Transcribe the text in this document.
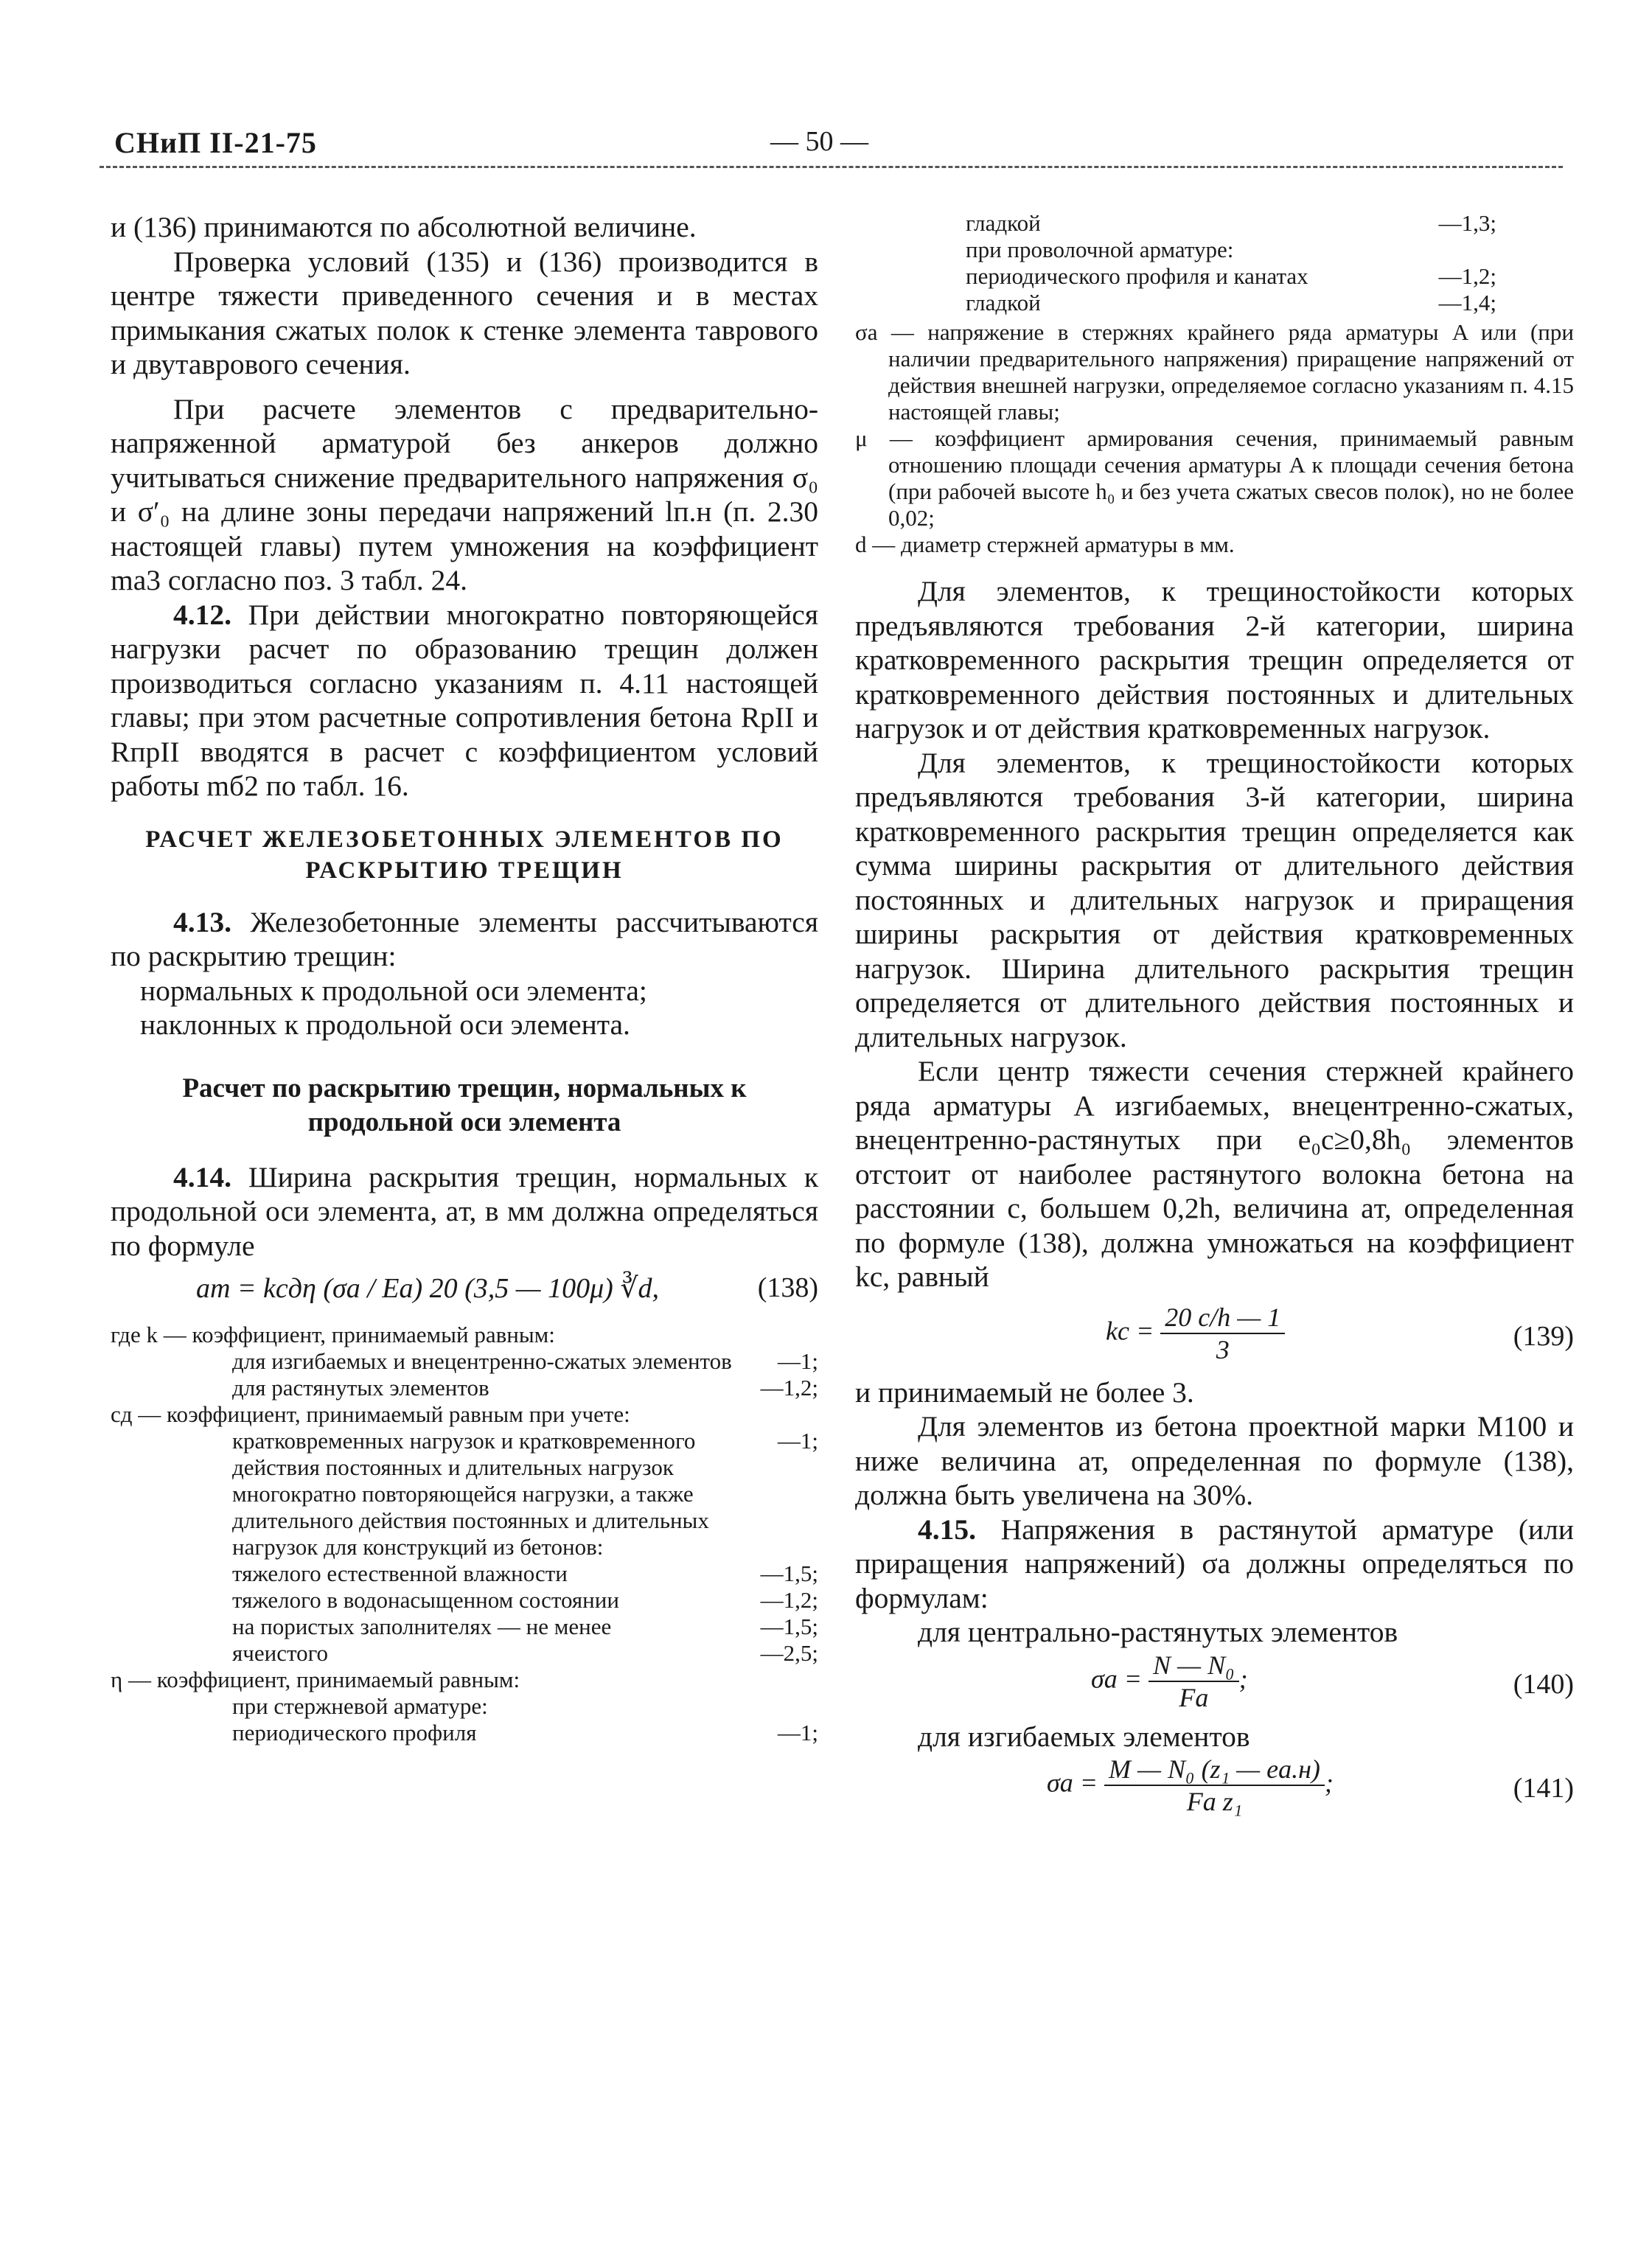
СНиП II-21-75	— 50 —

и (136) принимаются по абсолютной величине.

Проверка условий (135) и (136) производится в центре тяжести приведенного сечения и в местах примыкания сжатых полок к стенке элемента таврового и двутаврового сечения.

При расчете элементов с предварительно-напряженной арматурой без анкеров должно учитываться снижение предварительного напряжения σ₀ и σ′₀ на длине зоны передачи напряжений lп.н (п. 2.30 настоящей главы) путем умножения на коэффициент mа3 согласно поз. 3 табл. 24.

4.12. При действии многократно повторяющейся нагрузки расчет по образованию трещин должен производиться согласно указаниям п. 4.11 настоящей главы; при этом расчетные сопротивления бетона RрII и RпрII вводятся в расчет с коэффициентом условий работы mб2 по табл. 16.

РАСЧЕТ ЖЕЛЕЗОБЕТОННЫХ ЭЛЕМЕНТОВ ПО РАСКРЫТИЮ ТРЕЩИН

4.13. Железобетонные элементы рассчитываются по раскрытию трещин:

нормальных к продольной оси элемента;

наклонных к продольной оси элемента.

Расчет по раскрытию трещин, нормальных к продольной оси элемента

4.14. Ширина раскрытия трещин, нормальных к продольной оси элемента, aт, в мм должна определяться по формуле

aт = kcдη (σa / Ea) 20 (3,5 — 100μ) ∛d,	(138)
где k — коэффициент, принимаемый равным:
для изгибаемых и внецентренно-сжатых элементов	—1;
для растянутых элементов	—1,2;
cд — коэффициент, принимаемый равным при учете:
кратковременных нагрузок и кратковременного действия постоянных и длительных нагрузок
—1;
многократно повторяющейся нагрузки, а также длительного действия постоянных и длительных нагрузок для конструкций из бетонов:
тяжелого естественной влажности	—1,5;
тяжелого в водонасыщенном состоянии	—1,2;
на пористых заполнителях — не менее	—1,5;
ячеистого	—2,5;
η — коэффициент, принимаемый равным:
при стержневой арматуре:
периодического профиля	—1;
гладкой	—1,3;
при проволочной арматуре:
периодического профиля и канатах	—1,2;
гладкой	—1,4;

σa — напряжение в стержнях крайнего ряда арматуры A или (при наличии предварительного напряжения) приращение напряжений от действия внешней нагрузки, определяемое согласно указаниям п. 4.15 настоящей главы;

μ — коэффициент армирования сечения, принимаемый равным отношению площади сечения арматуры A к площади сечения бетона (при рабочей высоте h₀ и без учета сжатых свесов полок), но не более 0,02;

d — диаметр стержней арматуры в мм.

Для элементов, к трещиностойкости которых предъявляются требования 2-й категории, ширина кратковременного раскрытия трещин определяется от кратковременного действия постоянных и длительных нагрузок и от действия кратковременных нагрузок.

Для элементов, к трещиностойкости которых предъявляются требования 3-й категории, ширина кратковременного раскрытия трещин определяется как сумма ширины раскрытия от длительного действия постоянных и длительных нагрузок и приращения ширины раскрытия от действия кратковременных нагрузок. Ширина длительного раскрытия трещин определяется от длительного действия постоянных и длительных нагрузок.

Если центр тяжести сечения стержней крайнего ряда арматуры A изгибаемых, внецентренно-сжатых, внецентренно-растянутых при e₀c≥0,8h₀ элементов отстоит от наиболее растянутого волокна бетона на расстоянии c, большем 0,2h, величина aт, определенная по формуле (138), должна умножаться на коэффициент kc, равный

kc = $\frac{20 c/h — 1}{3}$	(139)

и принимаемый не более 3.

Для элементов из бетона проектной марки M100 и ниже величина aт, определенная по формуле (138), должна быть увеличена на 30%.

4.15. Напряжения в растянутой арматуре (или приращения напряжений) σa должны определяться по формулам:

для центрально-растянутых элементов

$\sigma a = \frac{\text{N — N₀}}{Fa}$ ;	(140)

для изгибаемых элементов

$\sigma a = \frac{\text{M — N₀ (z₁ — eа.н)}}{\text{Fa z₁}}$ ;	(141)
